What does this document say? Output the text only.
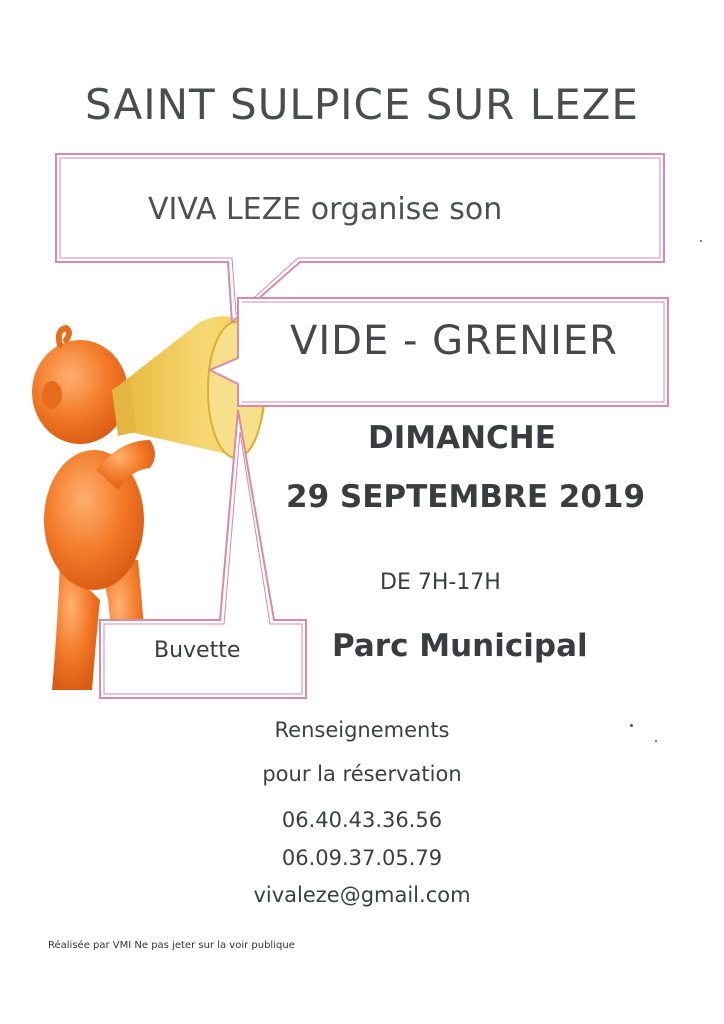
SAINT SULPICE SUR LEZE
VIVA LEZE organise son
VIDE - GRENIER
DIMANCHE
29 SEPTEMBRE 2019
DE 7H-17H
Buvette	Parc Municipal
Renseignements
pour la réservation
06.40.43.36.56
06.09.37.05.79
vivaleze@gmail.com
Réalisée par VMI Ne pas jeter sur la voir publique
